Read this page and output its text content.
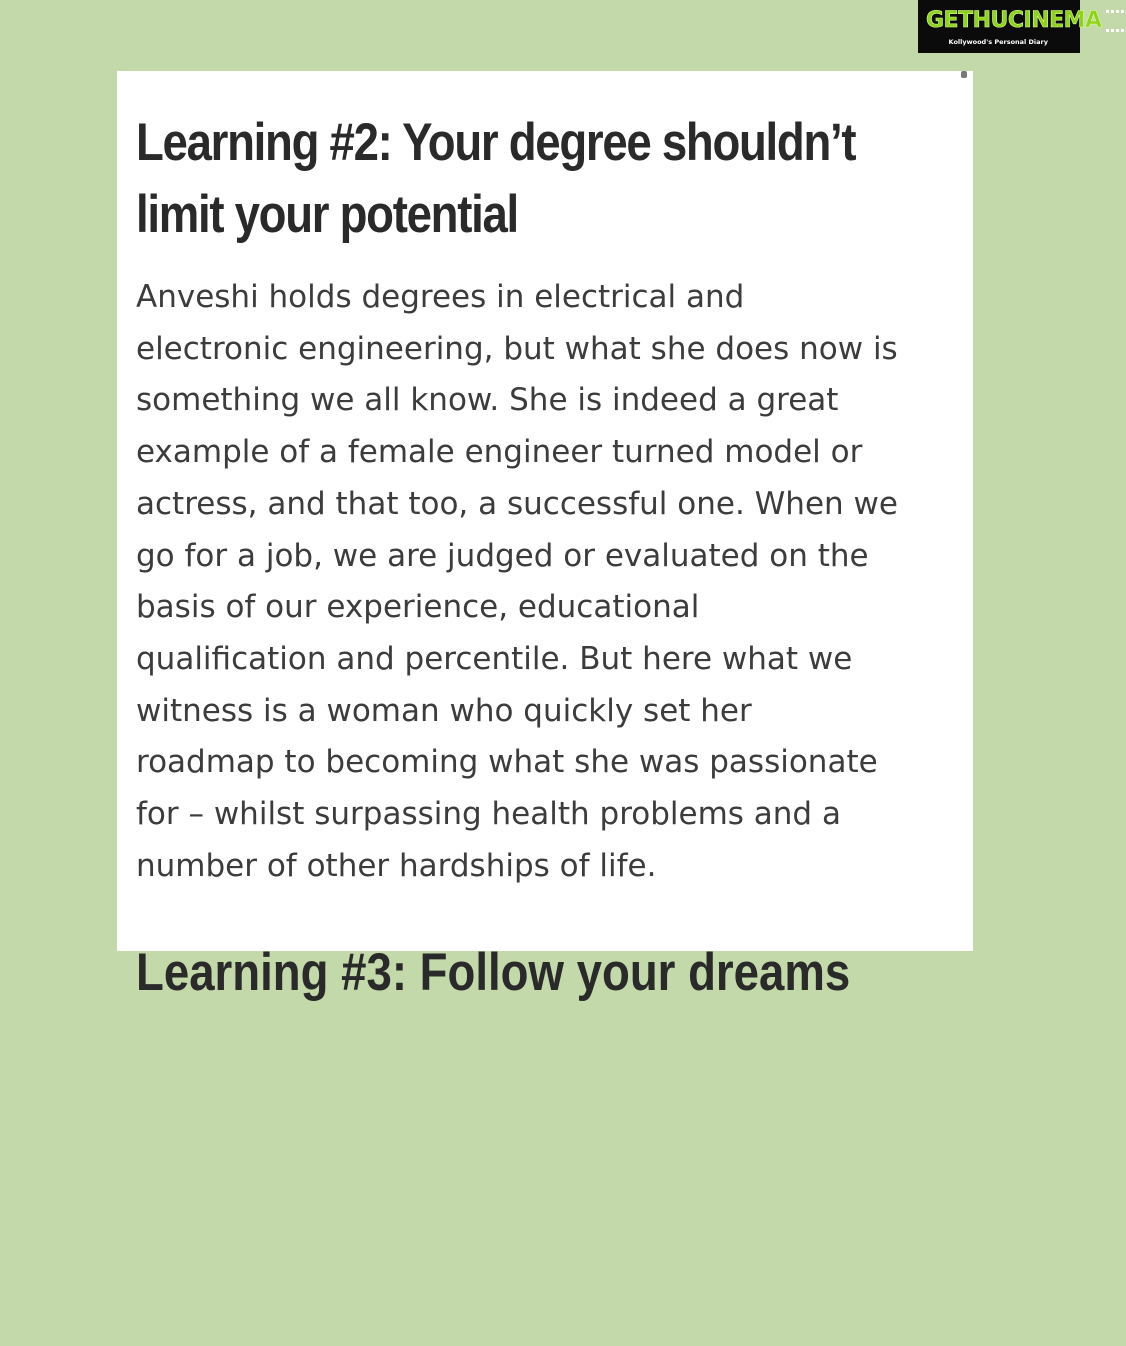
GETHU CINEMA
Kollywood's Personal Diary
Learning #2: Your degree shouldn’t
limit your potential

Anveshi holds degrees in electrical and
electronic engineering, but what she does now is
something we all know. She is indeed a great
example of a female engineer turned model or
actress, and that too, a successful one. When we
go for a job, we are judged or evaluated on the
basis of our experience, educational
qualification and percentile. But here what we
witness is a woman who quickly set her
roadmap to becoming what she was passionate
for – whilst surpassing health problems and a
number of other hardships of life.

Learning #3: Follow your dreams
